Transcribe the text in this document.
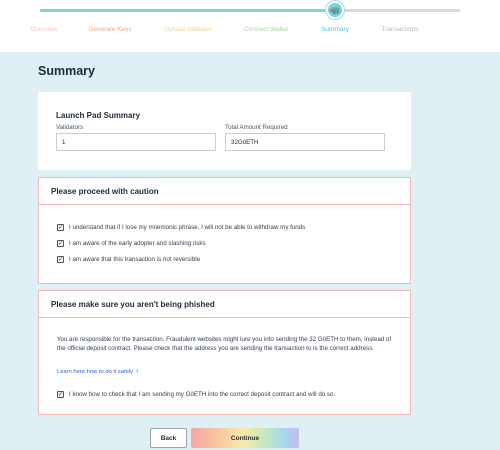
🦏
Overview	Generate Keys	Upload Validator	Connect Wallet	Summary	Transactions
Summary
Launch Pad Summary
Validators
1
Total Amount Required
32GöETH
Please proceed with caution
✓ I understand that if I lose my mnemonic phrase, I will not be able to withdraw my funds
✓ I am aware of the early adopter and slashing risks
✓ I am aware that this transaction is not reversible
Please make sure you aren't being phished
You are responsible for the transaction. Fraudulent websites might lure you into sending the 32 GöETH to them, instead of the official deposit contract. Please check that the address you are sending the transaction to is the correct address.
Learn here how to do it safely ›
✓ I know how to check that I am sending my GöETH into the correct deposit contract and will do so.
Back	Continue
